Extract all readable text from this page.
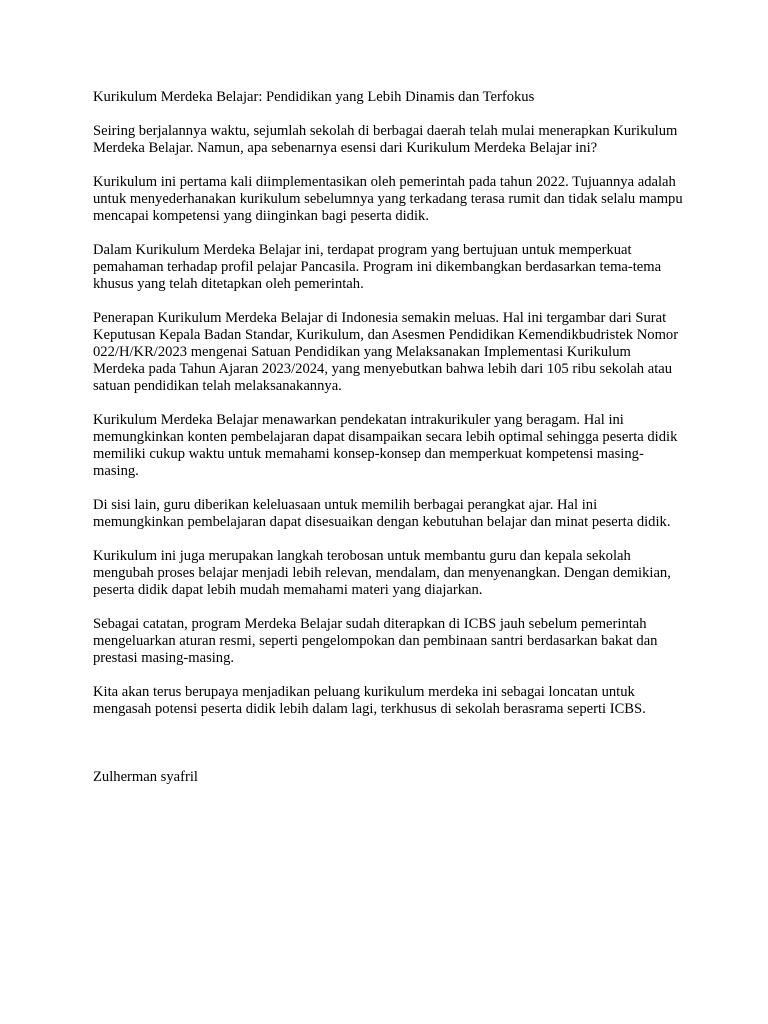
Kurikulum Merdeka Belajar: Pendidikan yang Lebih Dinamis dan Terfokus
Seiring berjalannya waktu, sejumlah sekolah di berbagai daerah telah mulai menerapkan Kurikulum Merdeka Belajar. Namun, apa sebenarnya esensi dari Kurikulum Merdeka Belajar ini?
Kurikulum ini pertama kali diimplementasikan oleh pemerintah pada tahun 2022. Tujuannya adalah untuk menyederhanakan kurikulum sebelumnya yang terkadang terasa rumit dan tidak selalu mampu mencapai kompetensi yang diinginkan bagi peserta didik.
Dalam Kurikulum Merdeka Belajar ini, terdapat program yang bertujuan untuk memperkuat pemahaman terhadap profil pelajar Pancasila. Program ini dikembangkan berdasarkan tema-tema khusus yang telah ditetapkan oleh pemerintah.
Penerapan Kurikulum Merdeka Belajar di Indonesia semakin meluas. Hal ini tergambar dari Surat Keputusan Kepala Badan Standar, Kurikulum, dan Asesmen Pendidikan Kemendikbudristek Nomor 022/H/KR/2023 mengenai Satuan Pendidikan yang Melaksanakan Implementasi Kurikulum Merdeka pada Tahun Ajaran 2023/2024, yang menyebutkan bahwa lebih dari 105 ribu sekolah atau satuan pendidikan telah melaksanakannya.
Kurikulum Merdeka Belajar menawarkan pendekatan intrakurikuler yang beragam. Hal ini memungkinkan konten pembelajaran dapat disampaikan secara lebih optimal sehingga peserta didik memiliki cukup waktu untuk memahami konsep-konsep dan memperkuat kompetensi masing-masing.
Di sisi lain, guru diberikan keleluasaan untuk memilih berbagai perangkat ajar. Hal ini memungkinkan pembelajaran dapat disesuaikan dengan kebutuhan belajar dan minat peserta didik.
Kurikulum ini juga merupakan langkah terobosan untuk membantu guru dan kepala sekolah mengubah proses belajar menjadi lebih relevan, mendalam, dan menyenangkan. Dengan demikian, peserta didik dapat lebih mudah memahami materi yang diajarkan.
Sebagai catatan, program Merdeka Belajar sudah diterapkan di ICBS jauh sebelum pemerintah mengeluarkan aturan resmi, seperti pengelompokan dan pembinaan santri berdasarkan bakat dan prestasi masing-masing.
Kita akan terus berupaya menjadikan peluang kurikulum merdeka ini sebagai loncatan untuk mengasah potensi peserta didik lebih dalam lagi, terkhusus di sekolah berasrama seperti ICBS.
Zulherman syafril
